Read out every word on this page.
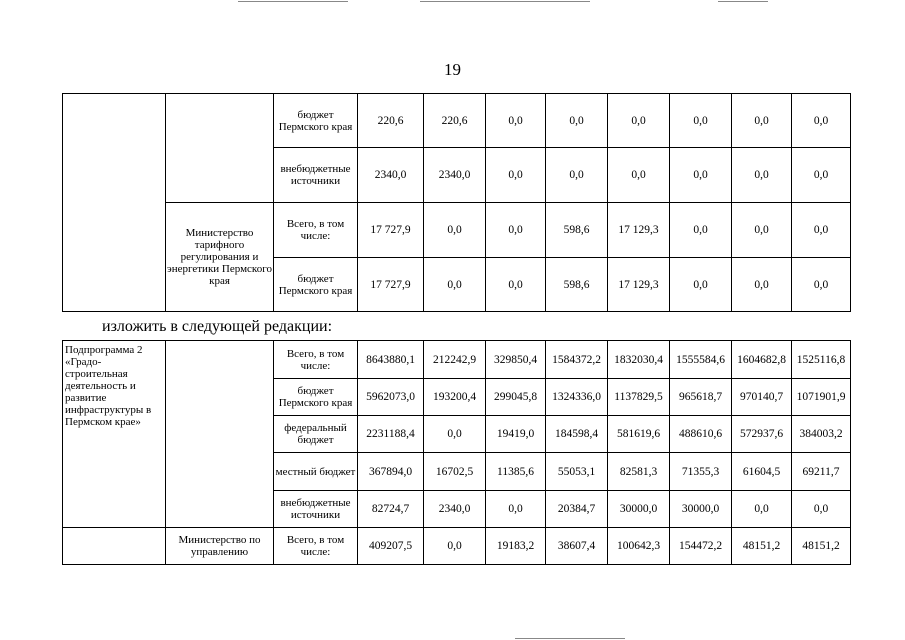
19
		бюджет Пермского края	220,6	220,6	0,0	0,0	0,0	0,0	0,0	0,0
		внебюджетные источники	2340,0	2340,0	0,0	0,0	0,0	0,0	0,0	0,0
	Министерство тарифного регулирования и энергетики Пермского края	Всего, в том числе:	17 727,9	0,0	0,0	598,6	17 129,3	0,0	0,0	0,0
		бюджет Пермского края	17 727,9	0,0	0,0	598,6	17 129,3	0,0	0,0	0,0
изложить в следующей редакции:
Подпрограмма 2 «Градо-строительная деятельность и развитие инфраструктуры в Пермском крае»		Всего, в том числе:	8643880,1	212242,9	329850,4	1584372,2	1832030,4	1555584,6	1604682,8	1525116,8
		бюджет Пермского края	5962073,0	193200,4	299045,8	1324336,0	1137829,5	965618,7	970140,7	1071901,9
		федеральный бюджет	2231188,4	0,0	19419,0	184598,4	581619,6	488610,6	572937,6	384003,2
		местный бюджет	367894,0	16702,5	11385,6	55053,1	82581,3	71355,3	61604,5	69211,7
		внебюджетные источники	82724,7	2340,0	0,0	20384,7	30000,0	30000,0	0,0	0,0
	Министерство по управлению	Всего, в том числе:	409207,5	0,0	19183,2	38607,4	100642,3	154472,2	48151,2	48151,2
